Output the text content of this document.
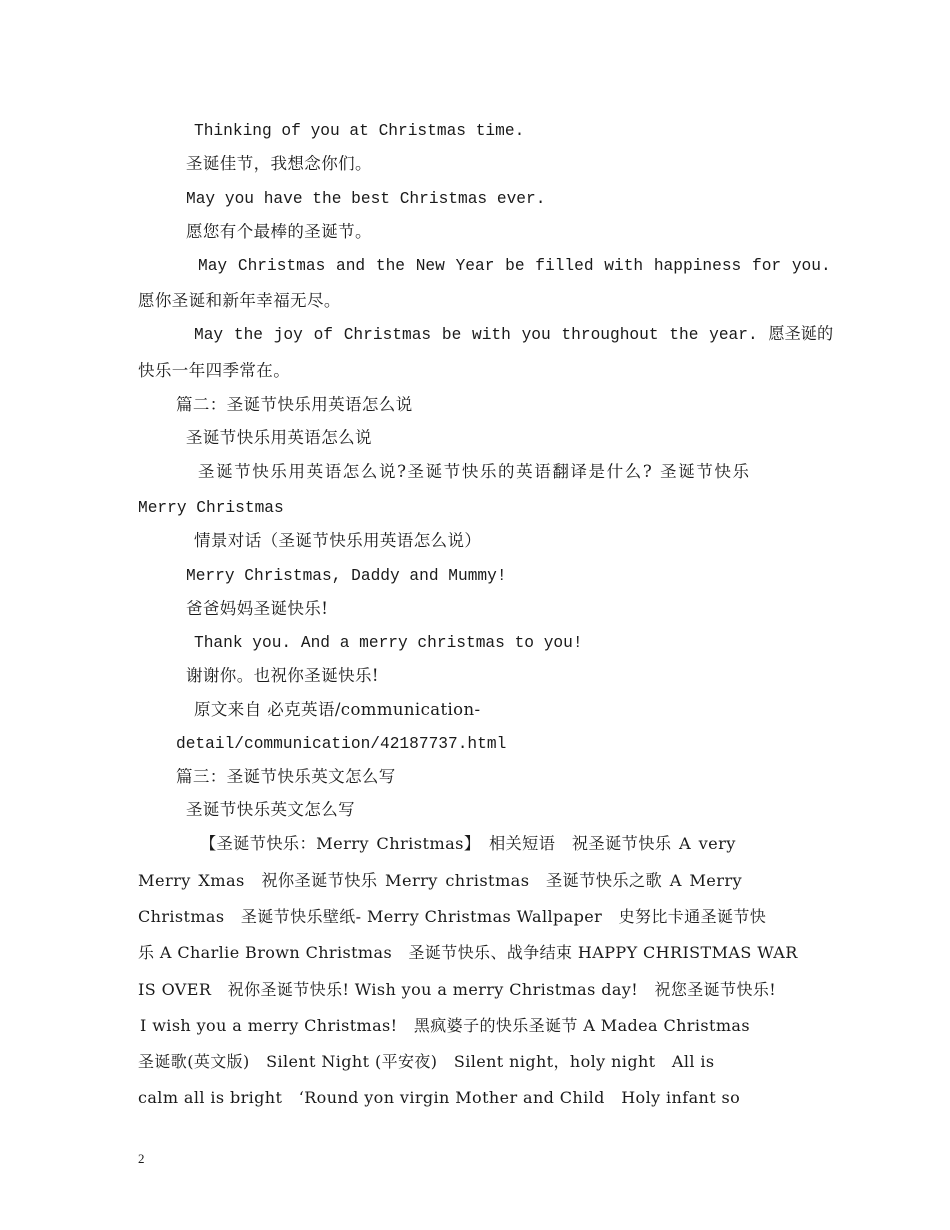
Thinking of you at Christmas time.
圣诞佳节，我想念你们。
May you have the best Christmas ever.
愿您有个最棒的圣诞节。
May Christmas and the New Year be filled with happiness for you.
愿你圣诞和新年幸福无尽。
May the joy of Christmas be with you throughout the year. 愿圣诞的
快乐一年四季常在。
篇二：圣诞节快乐用英语怎么说
圣诞节快乐用英语怎么说
圣诞节快乐用英语怎么说?圣诞节快乐的英语翻译是什么? 圣诞节快乐
Merry Christmas
情景对话（圣诞节快乐用英语怎么说）
Merry Christmas, Daddy and Mummy!
爸爸妈妈圣诞快乐!
Thank you. And a merry christmas to you!
谢谢你。也祝你圣诞快乐!
原文来自 必克英语/communication-
detail/communication/42187737.html
篇三：圣诞节快乐英文怎么写
圣诞节快乐英文怎么写
【圣诞节快乐：Merry Christmas】　相关短语　祝圣诞节快乐 A very
Merry Xmas　祝你圣诞节快乐 Merry christmas　圣诞节快乐之歌 A Merry
Christmas　圣诞节快乐壁纸- Merry Christmas Wallpaper　史努比卡通圣诞节快
乐 A Charlie Brown Christmas　圣诞节快乐、战争结束 HAPPY CHRISTMAS WAR
IS OVER　祝你圣诞节快乐! Wish you a merry Christmas day!　祝您圣诞节快乐!
I wish you a merry Christmas!　黑疯婆子的快乐圣诞节 A Madea Christmas
圣诞歌(英文版)　Silent Night (平安夜)　Silent night，holy night　All is
calm all is bright　‘Round yon virgin Mother and Child　Holy infant so
2
